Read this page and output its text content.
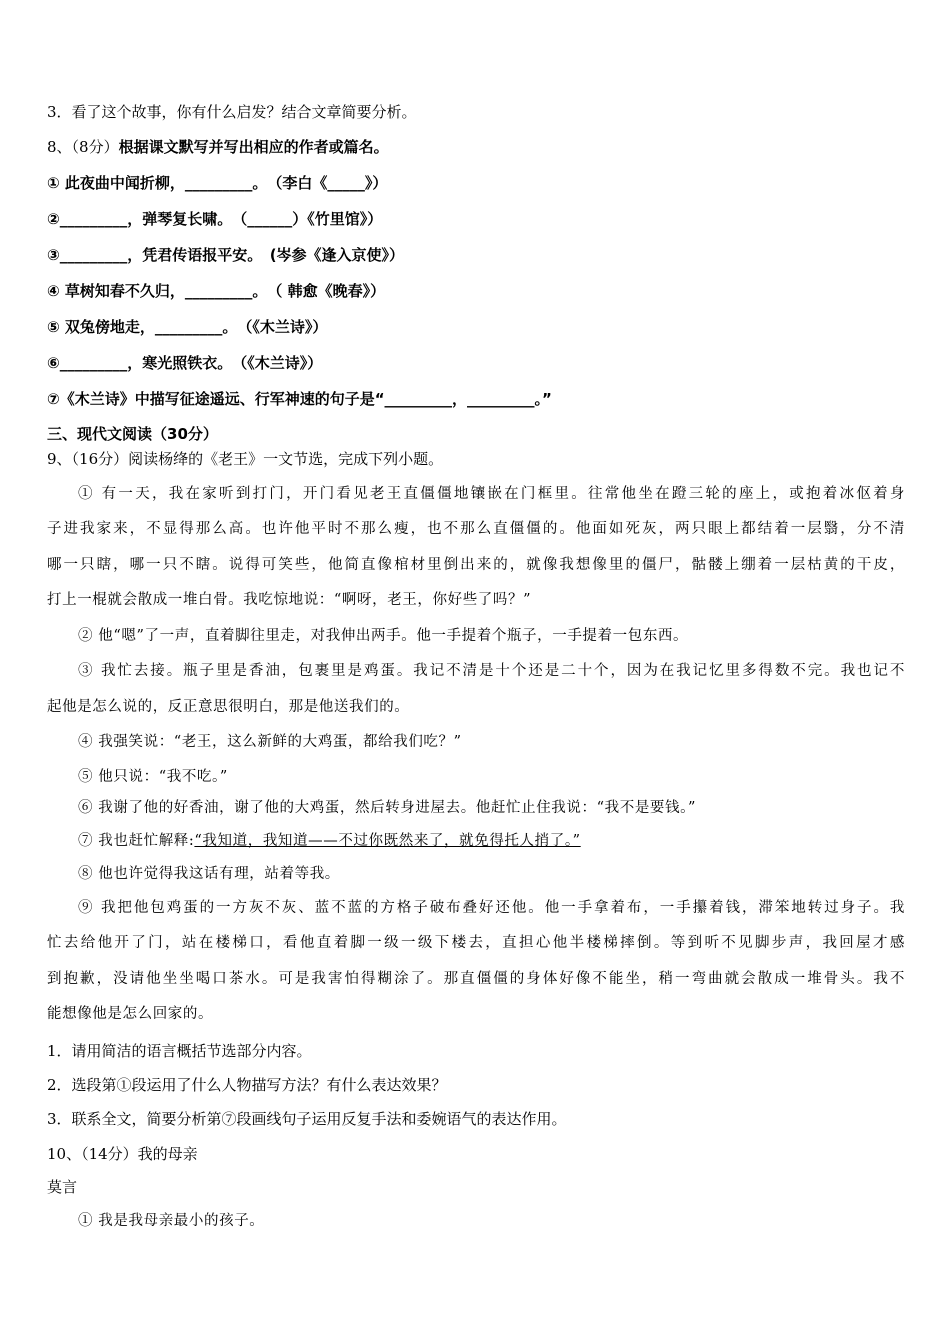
3．看了这个故事，你有什么启发？结合文章简要分析。
8、（8分）根据课文默写并写出相应的作者或篇名。
① 此夜曲中闻折柳，_________。　（李白《_____》）
②_________，弹琴复长啸。　（______）《竹里馆》）
③_________，凭君传语报平安。　(岑参《逢入京使》）
④ 草树知春不久归，_________。　（ 韩愈《晚春》）
⑤ 双兔傍地走，_________。　（《木兰诗》）
⑥_________，寒光照铁衣。　（《木兰诗》）
⑦《木兰诗》中描写征途遥远、行军神速的句子是“_________，_________。”
三、现代文阅读（30分）
9、（16分）阅读杨绛的《老王》一文节选，完成下列小题。
① 有一天，我在家听到打门，开门看见老王直僵僵地镶嵌在门框里。往常他坐在蹬三轮的座上，或抱着冰伛着身
子进我家来，不显得那么高。也许他平时不那么瘦，也不那么直僵僵的。他面如死灰，两只眼上都结着一层翳，分不清
哪一只瞎，哪一只不瞎。说得可笑些，他简直像棺材里倒出来的，就像我想像里的僵尸，骷髅上绷着一层枯黄的干皮，
打上一棍就会散成一堆白骨。我吃惊地说：“啊呀，老王，你好些了吗？”
② 他“嗯”了一声，直着脚往里走，对我伸出两手。他一手提着个瓶子，一手提着一包东西。
③ 我忙去接。瓶子里是香油，包裹里是鸡蛋。我记不清是十个还是二十个，因为在我记忆里多得数不完。我也记不
起他是怎么说的，反正意思很明白，那是他送我们的。
④ 我强笑说：“老王，这么新鲜的大鸡蛋，都给我们吃？”
⑤ 他只说：“我不吃。”
⑥ 我谢了他的好香油，谢了他的大鸡蛋，然后转身进屋去。他赶忙止住我说：“我不是要钱。”
⑦ 我也赶忙解释:“我知道，我知道——不过你既然来了，就免得托人捎了。”
⑧ 他也许觉得我这话有理，站着等我。
⑨ 我把他包鸡蛋的一方灰不灰、蓝不蓝的方格子破布叠好还他。他一手拿着布，一手攥着钱，滞笨地转过身子。我
忙去给他开了门，站在楼梯口，看他直着脚一级一级下楼去，直担心他半楼梯摔倒。等到听不见脚步声，我回屋才感
到抱歉，没请他坐坐喝口茶水。可是我害怕得糊涂了。那直僵僵的身体好像不能坐，稍一弯曲就会散成一堆骨头。我不
能想像他是怎么回家的。
1．请用简洁的语言概括节选部分内容。
2．选段第①段运用了什么人物描写方法？有什么表达效果？
3．联系全文，简要分析第⑦段画线句子运用反复手法和委婉语气的表达作用。
10、（14分）我的母亲
莫言
① 我是我母亲最小的孩子。
